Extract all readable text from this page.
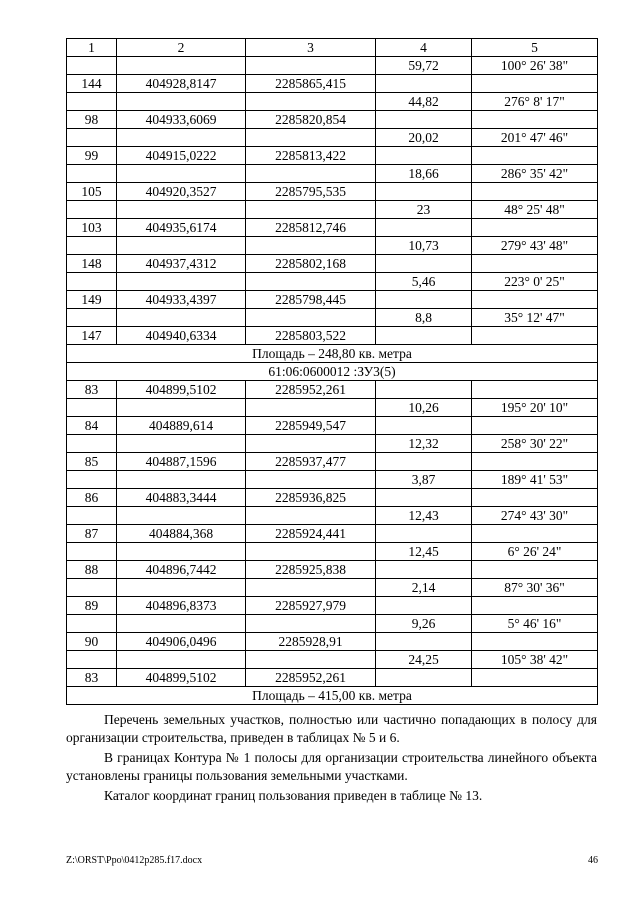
1	2	3	4	5
			59,72	100° 26' 38"
144	404928,8147	2285865,415		
			44,82	276° 8' 17"
98	404933,6069	2285820,854		
			20,02	201° 47' 46"
99	404915,0222	2285813,422		
			18,66	286° 35' 42"
105	404920,3527	2285795,535		
			23	48° 25' 48"
103	404935,6174	2285812,746		
			10,73	279° 43' 48"
148	404937,4312	2285802,168		
			5,46	223° 0' 25"
149	404933,4397	2285798,445		
			8,8	35° 12' 47"
147	404940,6334	2285803,522		
Площадь – 248,80 кв. метра				
61:06:0600012 :ЗУ3(5)				
83	404899,5102	2285952,261		
			10,26	195° 20' 10"
84	404889,614	2285949,547		
			12,32	258° 30' 22"
85	404887,1596	2285937,477		
			3,87	189° 41' 53"
86	404883,3444	2285936,825		
			12,43	274° 43' 30"
87	404884,368	2285924,441		
			12,45	6° 26' 24"
88	404896,7442	2285925,838		
			2,14	87° 30' 36"
89	404896,8373	2285927,979		
			9,26	5° 46' 16"
90	404906,0496	2285928,91		
			24,25	105° 38' 42"
83	404899,5102	2285952,261		
Площадь – 415,00 кв. метра				

Перечень земельных участков, полностью или частично попадающих в полосу для организации строительства, приведен в таблицах № 5 и 6.

В границах Контура № 1 полосы для организации строительства линейного объекта установлены границы пользования земельными участками.

Каталог координат границ пользования приведен в таблице № 13.

Z:\ORST\Ppo\0412p285.f17.docx	46
